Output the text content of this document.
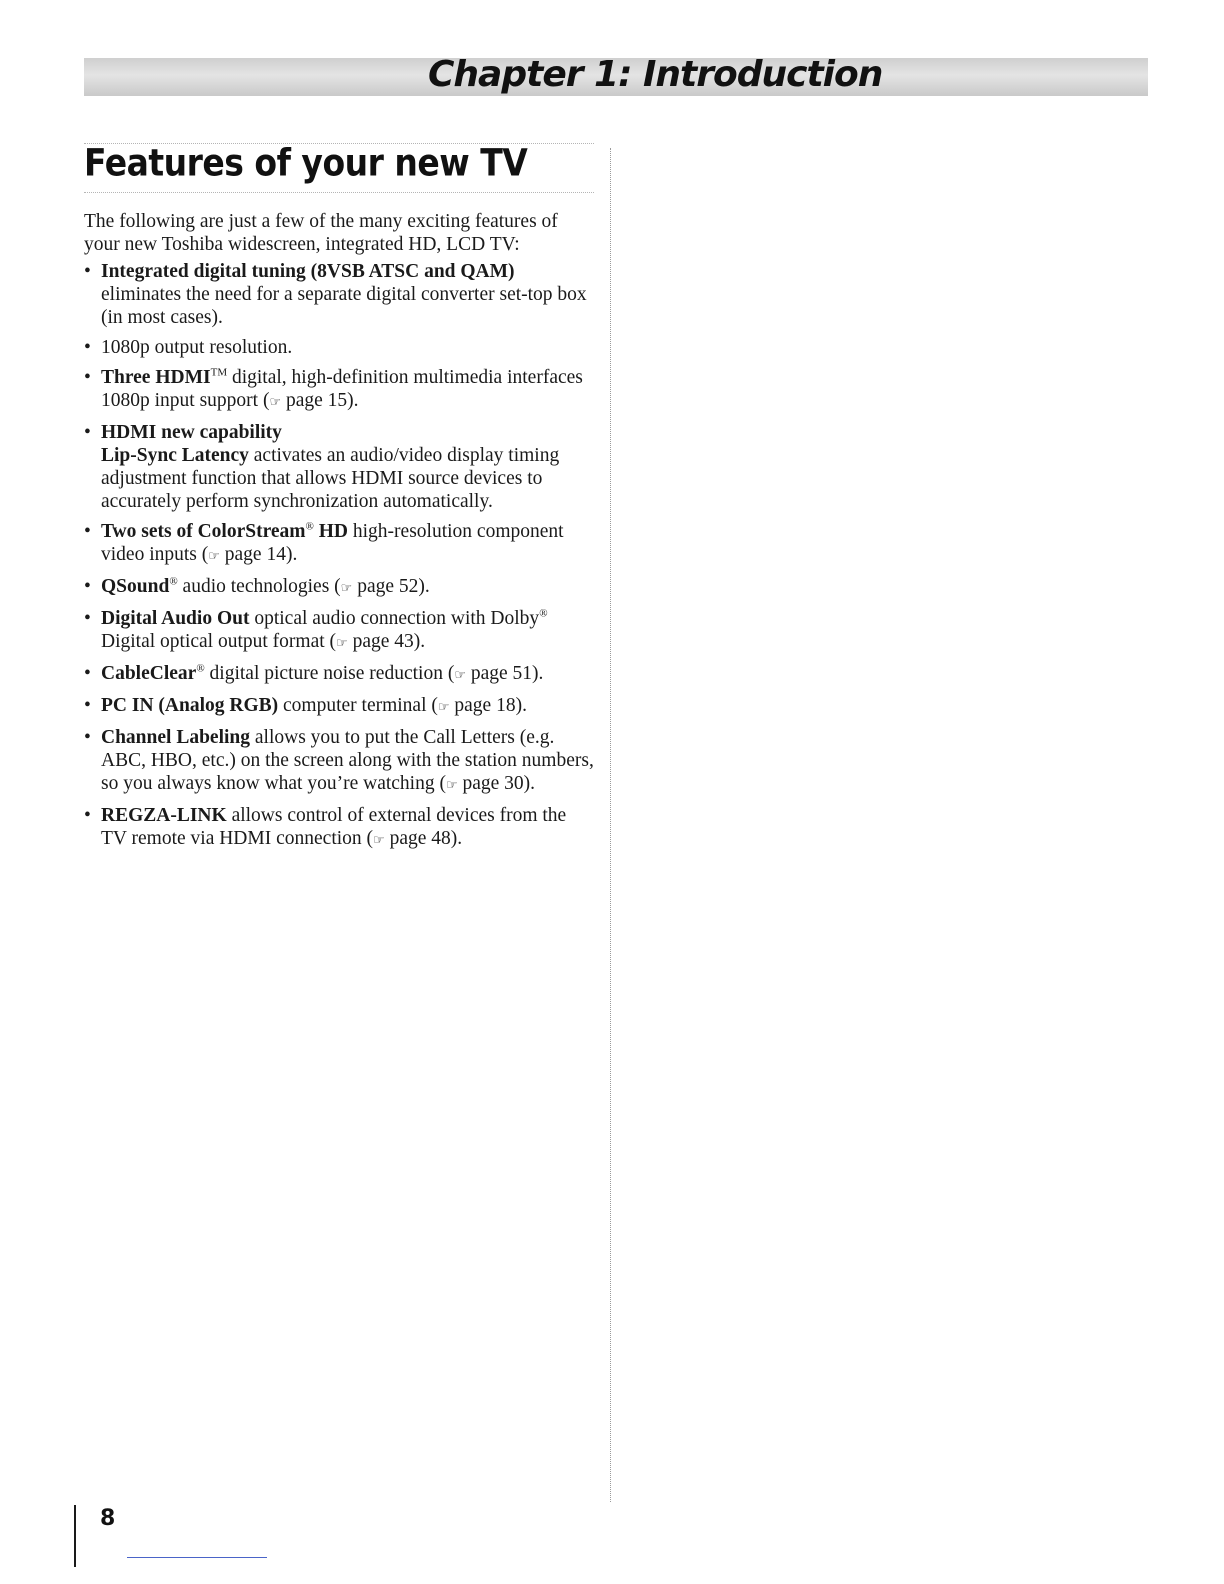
Chapter 1: Introduction
Features of your new TV

The following are just a few of the many exciting features of your new Toshiba widescreen, integrated HD, LCD TV:

• Integrated digital tuning (8VSB ATSC and QAM)
eliminates the need for a separate digital converter set-top box (in most cases).
• 1080p output resolution.
• Three HDMI™ digital, high-definition multimedia interfaces 1080p input support (☞ page 15).
• HDMI new capability
Lip-Sync Latency activates an audio/video display timing adjustment function that allows HDMI source devices to accurately perform synchronization automatically.
• Two sets of ColorStream® HD high-resolution component video inputs (☞ page 14).
• QSound® audio technologies (☞ page 52).
• Digital Audio Out optical audio connection with Dolby® Digital optical output format (☞ page 43).
• CableClear® digital picture noise reduction (☞ page 51).
• PC IN (Analog RGB) computer terminal (☞ page 18).
• Channel Labeling allows you to put the Call Letters (e.g. ABC, HBO, etc.) on the screen along with the station numbers, so you always know what you’re watching (☞ page 30).
• REGZA-LINK allows control of external devices from the TV remote via HDMI connection (☞ page 48).
8
